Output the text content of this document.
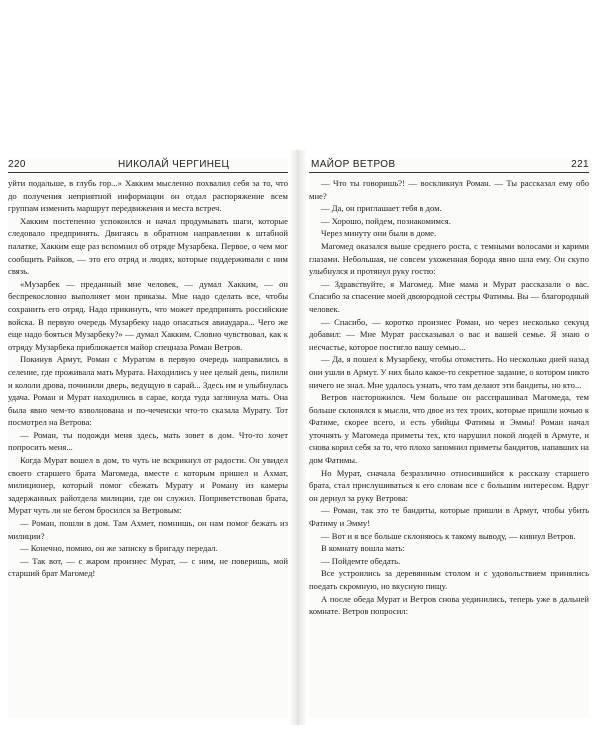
220	НИКОЛАЙ ЧЕРГИНЕЦ

уйти подальше, в глубь гор...» Хакким мысленно похвалил себя за то, что до получения неприятной информации он отдал распоряжение всем группам изменить маршрут передвижения и места встреч.

Хакким постепенно успокоился и начал продумывать шаги, которые следовало предпринять. Двигаясь в обратном направлении к штабной палатке, Хакким еще раз вспомнил об отряде Музарбека. Первое, о чем мог сообщить Райков, — это его отряд и людях, которые поддерживали с ним связь.

«Музарбек — преданный мне человек, — думал Хакким, — он беспрекословно выполняет мои приказы. Мне надо сделать все, чтобы сохранить его отряд. Надо прикинуть, что может предпринять российские войска. В первую очередь Музарбеку надо опасаться авиаудара... Чего же еще надо бояться Музарбеку?» — думал Хакким. Словно чувствовал, как к отряду Музарбека приближается майор спецназа Роман Ветров.

Покинув Армут, Роман с Муратом в первую очередь направились в селение, где проживала мать Мурата. Находились у нее целый день, пилили и кололи дрова, починили дверь, ведущую в сарай... Здесь им и улыбнулась удача. Роман и Мурат находились в сарае, когда туда заглянула мать. Она была явно чем-то взволнована и по-чеченски что-то сказала Мурату. Тот посмотрел на Ветрова:

— Роман, ты подожди меня здесь, мать зовет в дом. Что-то хочет попросить меня...

Когда Мурат вошел в дом, то чуть не вскрикнул от радости. Он увидел своего старшего брата Магомеда, вместе с которым пришел и Ахмат, милиционер, который помог сбежать Мурату и Роману из камеры задержанных райотдела милиции, где он служил. Поприветствовав брата, Мурат чуть ли не бегом бросился за Ветровым:

— Роман, пошли в дом. Там Ахмет, помнишь, он нам помог бежать из милиции?

— Конечно, помню, он же записку в бригаду передал.

— Так вот, — с жаром произнес Мурат, — с ним, не поверишь, мой старший брат Магомед!

МАЙОР ВЕТРОВ	221

— Что ты говоришь?! — воскликнул Роман. — Ты рассказал ему обо мне?

— Да, он приглашает тебя в дом.

— Хорошо, пойдем, познакомимся.

Через минуту они были в доме.

Магомед оказался выше среднего роста, с темными волосами и карими глазами. Небольшая, не совсем ухоженная борода явно шла ему. Он скупо улыбнулся и протянул руку гостю:

— Здравствуйте, я Магомед. Мне мама и Мурат рассказали о вас. Спасибо за спасение моей двоюродной сестры Фатимы. Вы — благородный человек.

— Спасибо, — коротко произнес Роман, но через несколько секунд добавил: — Мне Мурат рассказывал о вас и вашей семье. Я знаю о несчастье, которое постигло вашу семью...

— Да, я пошел к Музарбеку, чтобы отомстить. Но несколько дней назад они ушли в Армут. У них было какое-то секретное задание, о котором никто ничего не знал. Мне удалось узнать, что там делают эти бандиты, но кто...

Ветров насторожился. Чем больше он расспрашивал Магомеда, тем больше склонялся к мысли, что двое из тех троих, которые пришли ночью к Фатиме, скорее всего, и есть убийцы Фатимы и Эммы! Роман начал уточнять у Магомеда приметы тех, кто нарушил покой людей в Армуте, и снова корил себя за то, что плохо запомнил приметы бандитов, напавших на дом Фатимы.

Но Мурат, сначала безразлично относившийся к рассказу старшего брата, стал прислушиваться к его словам все с большим интересом. Вдруг он дернул за руку Ветрова:

— Роман, так это те бандиты, которые пришли в Армут, чтобы убить Фатиму и Эмму!

— Вот и я все больше склоняюсь к такому выводу, — кивнул Ветров.

В комнату вошла мать:

— Пойдемте обедать.

Все устроились за деревянным столом и с удовольствием принялись поедать скромную, но вкусную пищу.

А после обеда Мурат и Ветров снова уединились, теперь уже в дальней комнате. Ветров попросил:
